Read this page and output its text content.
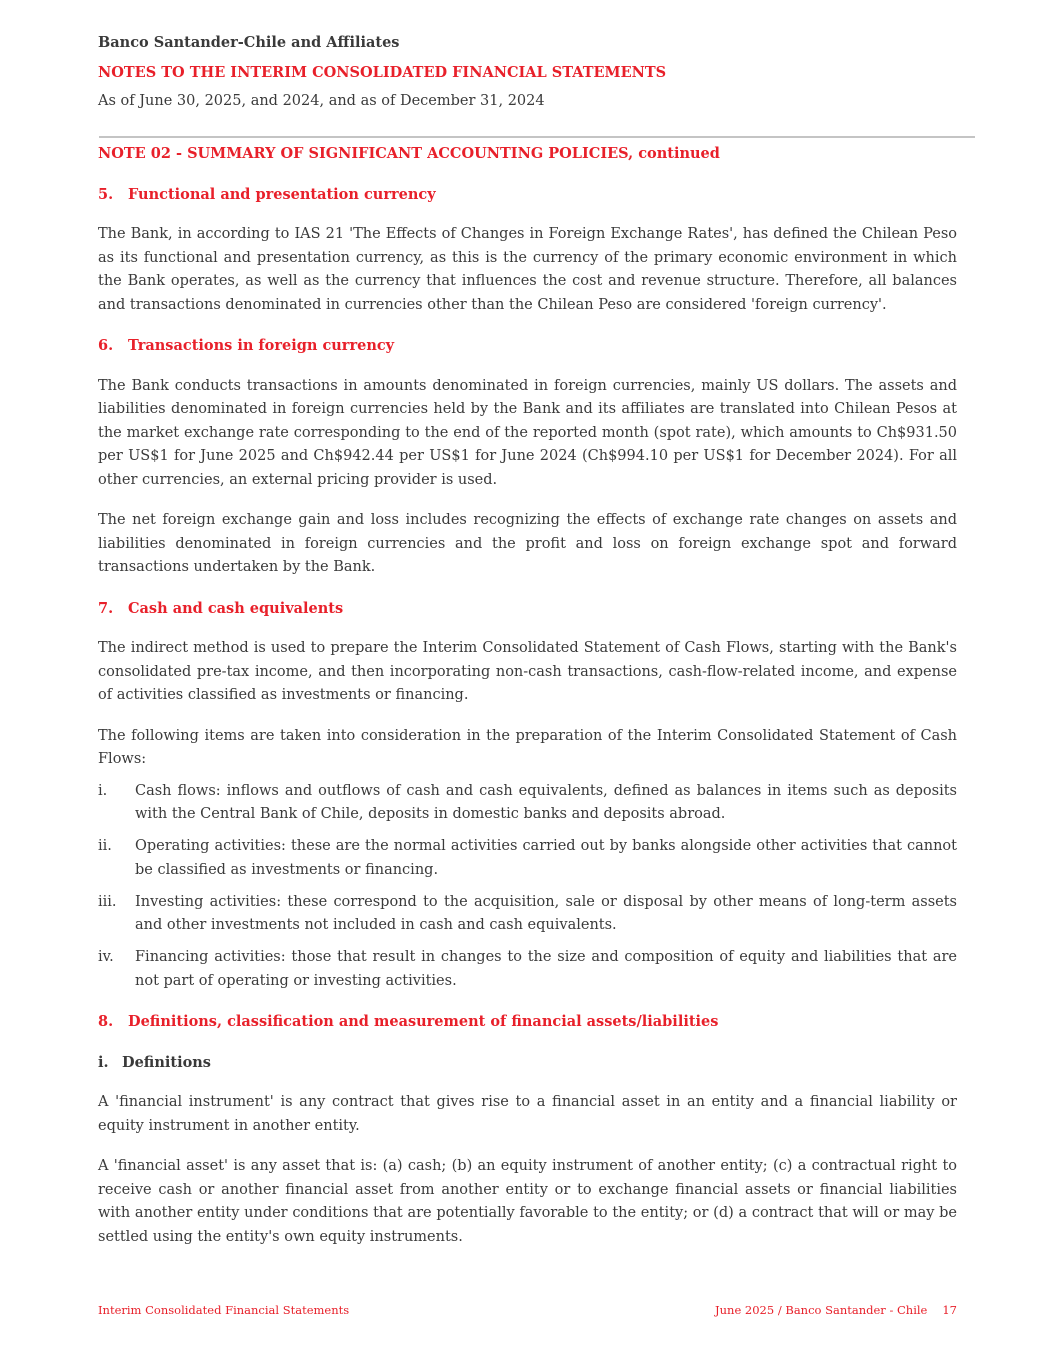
Banco Santander-Chile and Affiliates
NOTES TO THE INTERIM CONSOLIDATED FINANCIAL STATEMENTS
As of June 30, 2025, and 2024, and as of December 31, 2024
NOTE 02 - SUMMARY OF SIGNIFICANT ACCOUNTING POLICIES, continued
5.	Functional and presentation currency

The Bank, in according to IAS 21 'The Effects of Changes in Foreign Exchange Rates', has defined the Chilean Peso as its functional and presentation currency, as this is the currency of the primary economic environment in which the Bank operates, as well as the currency that influences the cost and revenue structure. Therefore, all balances and transactions denominated in currencies other than the Chilean Peso are considered 'foreign currency'.

6.	Transactions in foreign currency

The Bank conducts transactions in amounts denominated in foreign currencies, mainly US dollars. The assets and liabilities denominated in foreign currencies held by the Bank and its affiliates are translated into Chilean Pesos at the market exchange rate corresponding to the end of the reported month (spot rate), which amounts to Ch$931.50 per US$1 for June 2025 and Ch$942.44 per US$1 for June 2024 (Ch$994.10 per US$1 for December 2024). For all other currencies, an external pricing provider is used.

The net foreign exchange gain and loss includes recognizing the effects of exchange rate changes on assets and liabilities denominated in foreign currencies and the profit and loss on foreign exchange spot and forward transactions undertaken by the Bank.

7.	Cash and cash equivalents

The indirect method is used to prepare the Interim Consolidated Statement of Cash Flows, starting with the Bank's consolidated pre-tax income, and then incorporating non-cash transactions, cash-flow-related income, and expense of activities classified as investments or financing.

The following items are taken into consideration in the preparation of the Interim Consolidated Statement of Cash Flows:

i.	Cash flows: inflows and outflows of cash and cash equivalents, defined as balances in items such as deposits with the Central Bank of Chile, deposits in domestic banks and deposits abroad.
ii.	Operating activities: these are the normal activities carried out by banks alongside other activities that cannot be classified as investments or financing.
iii.	Investing activities: these correspond to the acquisition, sale or disposal by other means of long-term assets and other investments not included in cash and cash equivalents.
iv.	Financing activities: those that result in changes to the size and composition of equity and liabilities that are not part of operating or investing activities.
8.	Definitions, classification and measurement of financial assets/liabilities
i. Definitions

A 'financial instrument' is any contract that gives rise to a financial asset in an entity and a financial liability or equity instrument in another entity.

A 'financial asset' is any asset that is: (a) cash; (b) an equity instrument of another entity; (c) a contractual right to receive cash or another financial asset from another entity or to exchange financial assets or financial liabilities with another entity under conditions that are potentially favorable to the entity; or (d) a contract that will or may be settled using the entity's own equity instruments.

Interim Consolidated Financial Statements	June 2025 / Banco Santander - Chile 17
